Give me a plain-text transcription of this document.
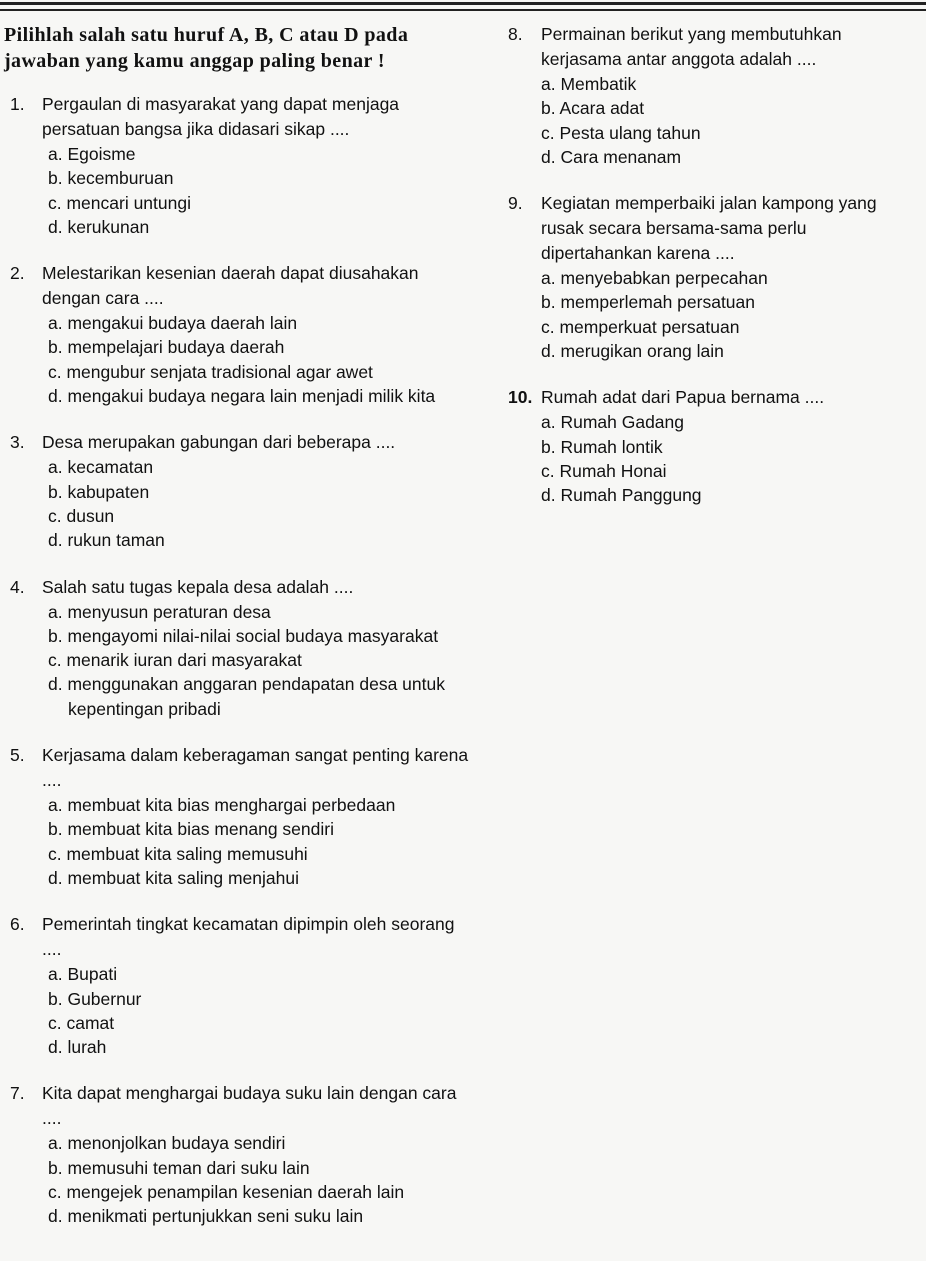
Pilihlah salah satu huruf A, B, C atau D pada
jawaban yang kamu anggap paling benar !
1. Pergaulan di masyarakat yang dapat menjaga persatuan bangsa jika didasari sikap ....
a. Egoisme
b. kecemburuan
c. mencari untungi
d. kerukunan
2. Melestarikan kesenian daerah dapat diusahakan dengan cara ....
a. mengakui budaya daerah lain
b. mempelajari budaya daerah
c. mengubur senjata tradisional agar awet
d. mengakui budaya negara lain menjadi milik kita
3. Desa merupakan gabungan dari beberapa ....
a. kecamatan
b. kabupaten
c. dusun
d. rukun taman
4. Salah satu tugas kepala desa adalah ....
a. menyusun peraturan desa
b. mengayomi nilai-nilai social budaya masyarakat
c. menarik iuran dari masyarakat
d. menggunakan anggaran pendapatan desa untuk
kepentingan pribadi
5. Kerjasama dalam keberagaman sangat penting karena ....
a. membuat kita bias menghargai perbedaan
b. membuat kita bias menang sendiri
c. membuat kita saling memusuhi
d. membuat kita saling menjahui
6. Pemerintah tingkat kecamatan dipimpin oleh seorang ....
a. Bupati
b. Gubernur
c. camat
d. lurah
7. Kita dapat menghargai budaya suku lain dengan cara ....
a. menonjolkan budaya sendiri
b. memusuhi teman dari suku lain
c. mengejek penampilan kesenian daerah lain
d. menikmati pertunjukkan seni suku lain
8.	Permainan berikut yang membutuhkan kerjasama antar anggota adalah ....
a. Membatik
b. Acara adat
c. Pesta ulang tahun
d. Cara menanam
9.	Kegiatan memperbaiki jalan kampong yang rusak secara bersama-sama perlu dipertahankan karena ....
a. menyebabkan perpecahan
b. memperlemah persatuan
c. memperkuat persatuan
d. merugikan orang lain
10. Rumah adat dari Papua bernama ....
a. Rumah Gadang
b. Rumah lontik
c. Rumah Honai
d. Rumah Panggung
